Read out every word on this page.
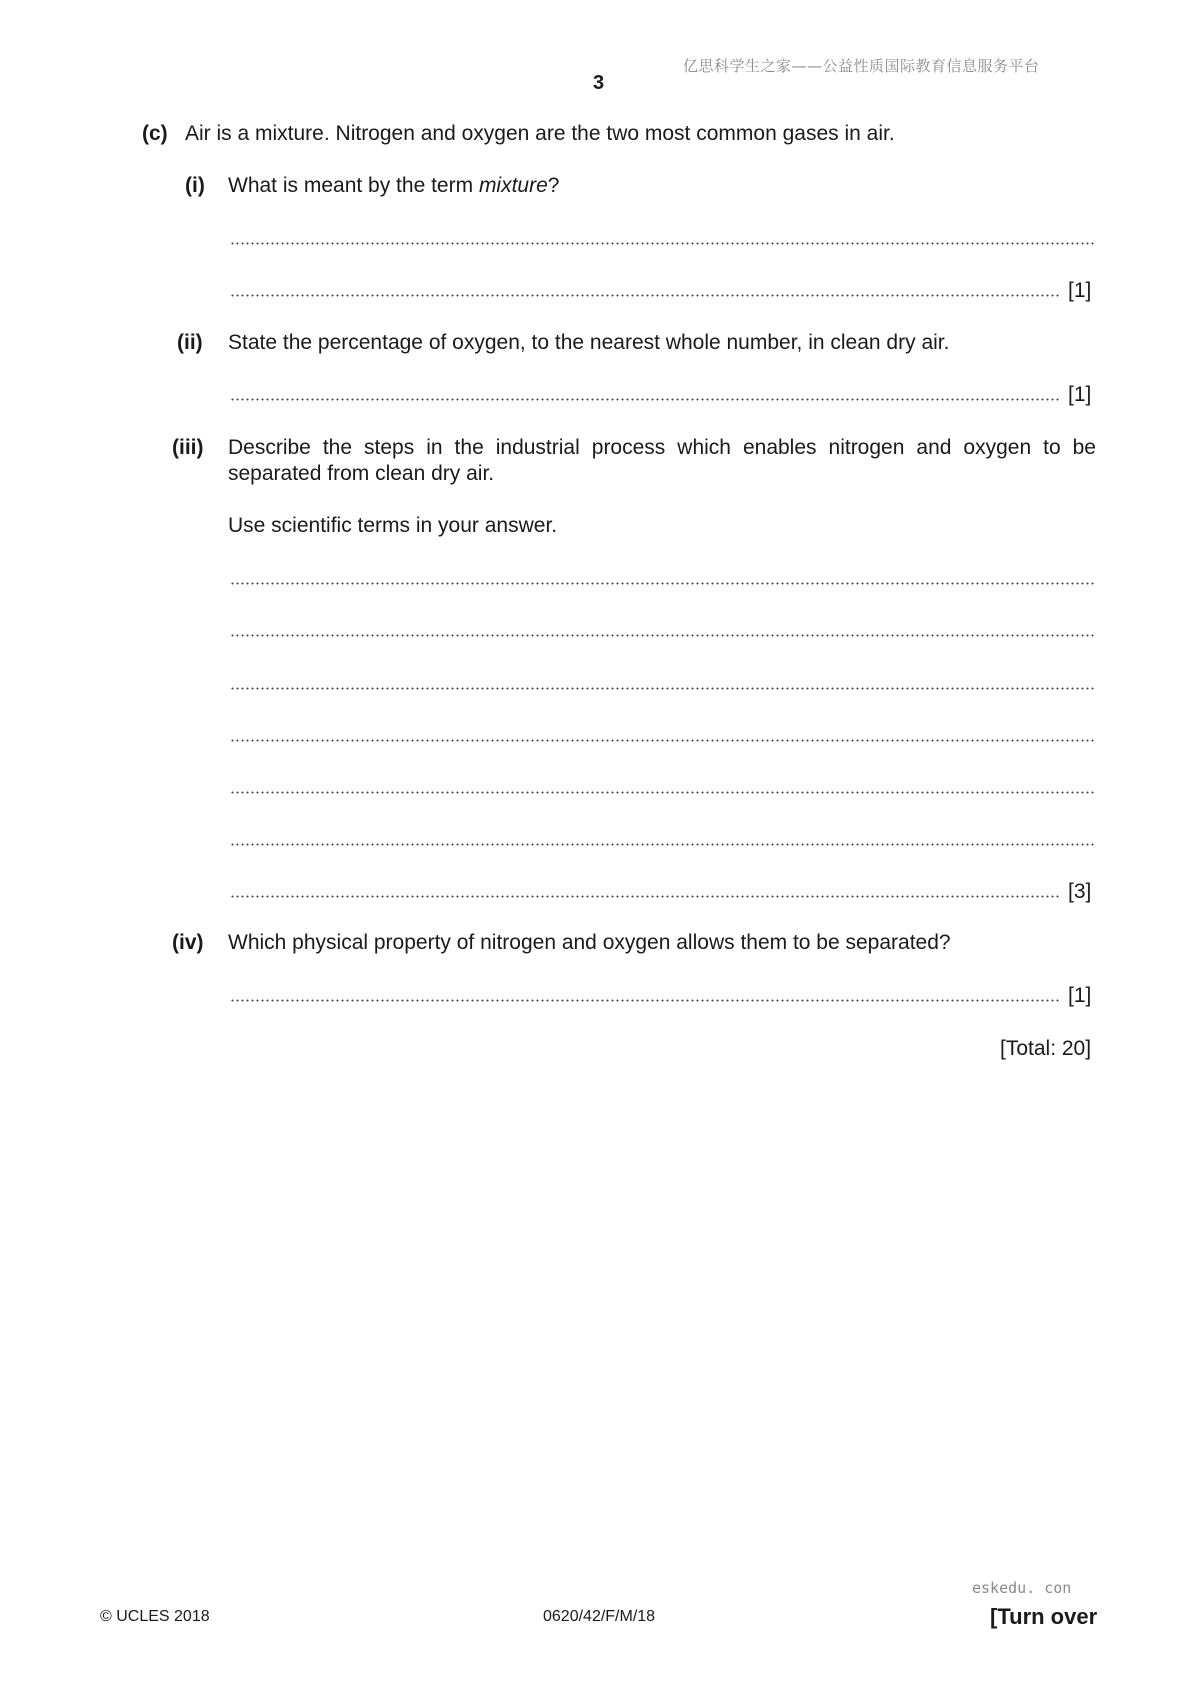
亿思科学生之家——公益性质国际教育信息服务平台
3
(c) Air is a mixture. Nitrogen and oxygen are the two most common gases in air.
(i) What is meant by the term mixture?
[1]
(ii) State the percentage of oxygen, to the nearest whole number, in clean dry air.
[1]
(iii) Describe the steps in the industrial process which enables nitrogen and oxygen to be separated from clean dry air.
Use scientific terms in your answer.
[3]
(iv) Which physical property of nitrogen and oxygen allows them to be separated?
[1]
[Total: 20]
© UCLES 2018	0620/42/F/M/18
eskedu. con
[Turn over
